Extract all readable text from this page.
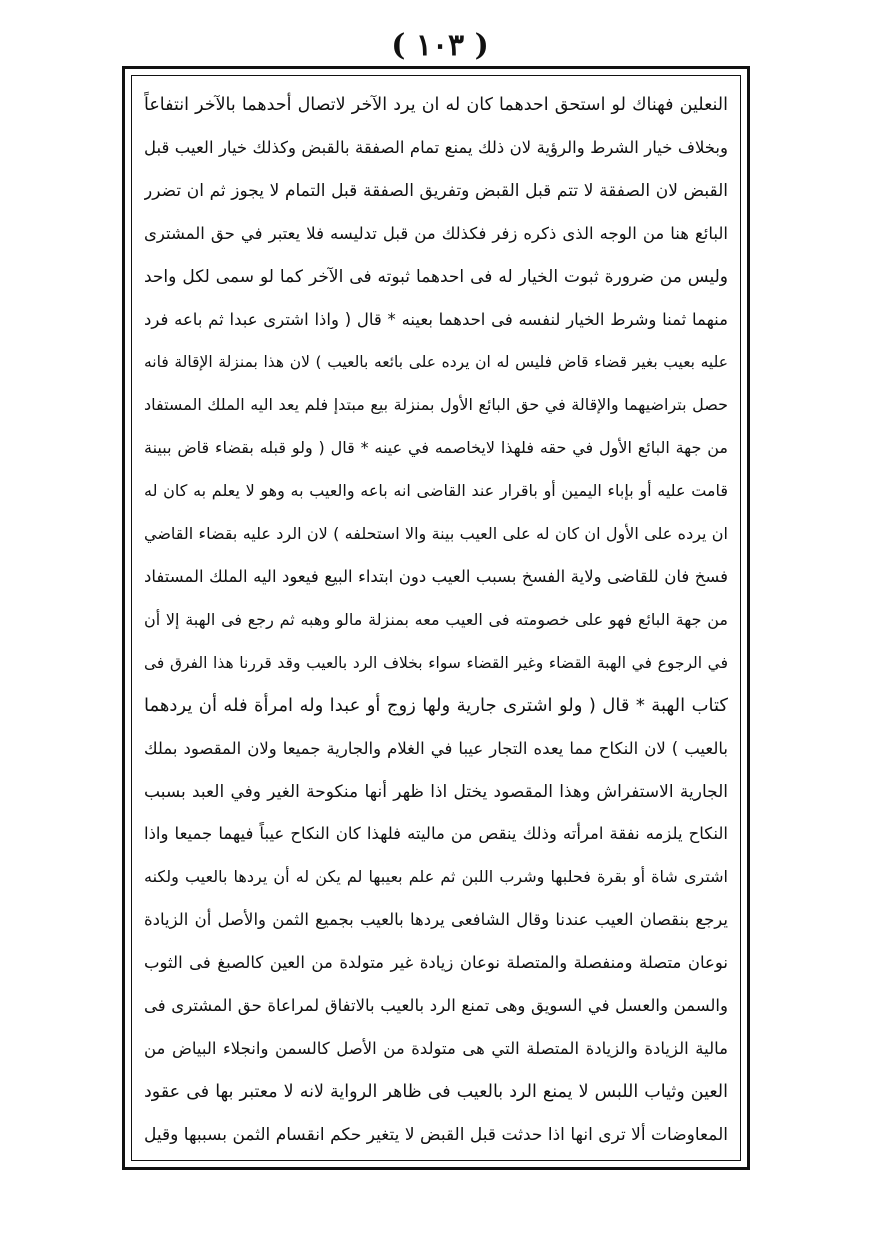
( ١٠٣ )
النعلين فهناك لو استحق احدهما كان له ان يرد الآخر لاتصال أحدهما بالآخر انتفاعاً
وبخلاف خيار الشرط والرؤية لان ذلك يمنع تمام الصفقة بالقبض وكذلك خيار العيب قبل
القبض لان الصفقة لا تتم قبل القبض وتفريق الصفقة قبل التمام لا يجوز ثم ان تضرر
البائع هنا من الوجه الذى ذكره زفر فكذلك من قبل تدليسه فلا يعتبر في حق المشترى
وليس من ضرورة ثبوت الخيار له فى احدهما ثبوته فى الآخر كما لو سمى لكل واحد
منهما ثمنا وشرط الخيار لنفسه فى احدهما بعينه * قال ( واذا اشترى عبدا ثم باعه فرد
عليه بعيب بغير قضاء قاض فليس له ان يرده على بائعه بالعيب ) لان هذا بمنزلة الإقالة فانه
حصل بتراضيهما والإقالة في حق البائع الأول بمنزلة بيع مبتدإ فلم يعد اليه الملك المستفاد
من جهة البائع الأول في حقه فلهذا لايخاصمه في عينه * قال ( ولو قبله بقضاء قاض ببينة
قامت عليه أو بإباء اليمين أو باقرار عند القاضى انه باعه والعيب به وهو لا يعلم به كان له
ان يرده على الأول ان كان له على العيب بينة والا استحلفه ) لان الرد عليه بقضاء القاضي
فسخ فان للقاضى ولاية الفسخ بسبب العيب دون ابتداء البيع فيعود اليه الملك المستفاد
من جهة البائع فهو على خصومته فى العيب معه بمنزلة مالو وهبه ثم رجع فى الهبة إلا أن
في الرجوع في الهبة القضاء وغير القضاء سواء بخلاف الرد بالعيب وقد قررنا هذا الفرق فى
كتاب الهبة * قال ( ولو اشترى جارية ولها زوج أو عبدا وله امرأة فله أن يردهما
بالعيب ) لان النكاح مما يعده التجار عيبا في الغلام والجارية جميعا ولان المقصود بملك
الجارية الاستفراش وهذا المقصود يختل اذا ظهر أنها منكوحة الغير وفي العبد بسبب
النكاح يلزمه نفقة امرأته وذلك ينقص من ماليته فلهذا كان النكاح عيباً فيهما جميعا واذا
اشترى شاة أو بقرة فحلبها وشرب اللبن ثم علم بعيبها لم يكن له أن يردها بالعيب ولكنه
يرجع بنقصان العيب عندنا وقال الشافعى يردها بالعيب بجميع الثمن والأصل أن الزيادة
نوعان متصلة ومنفصلة والمتصلة نوعان زيادة غير متولدة من العين كالصبغ فى الثوب
والسمن والعسل في السويق وهى تمنع الرد بالعيب بالاتفاق لمراعاة حق المشترى فى
مالية الزيادة والزيادة المتصلة التي هى متولدة من الأصل كالسمن وانجلاء البياض من
العين وثياب اللبس لا يمنع الرد بالعيب فى ظاهر الرواية لانه لا معتبر بها فى عقود
المعاوضات ألا ترى انها اذا حدثت قبل القبض لا يتغير حكم انقسام الثمن بسببها وقيل
